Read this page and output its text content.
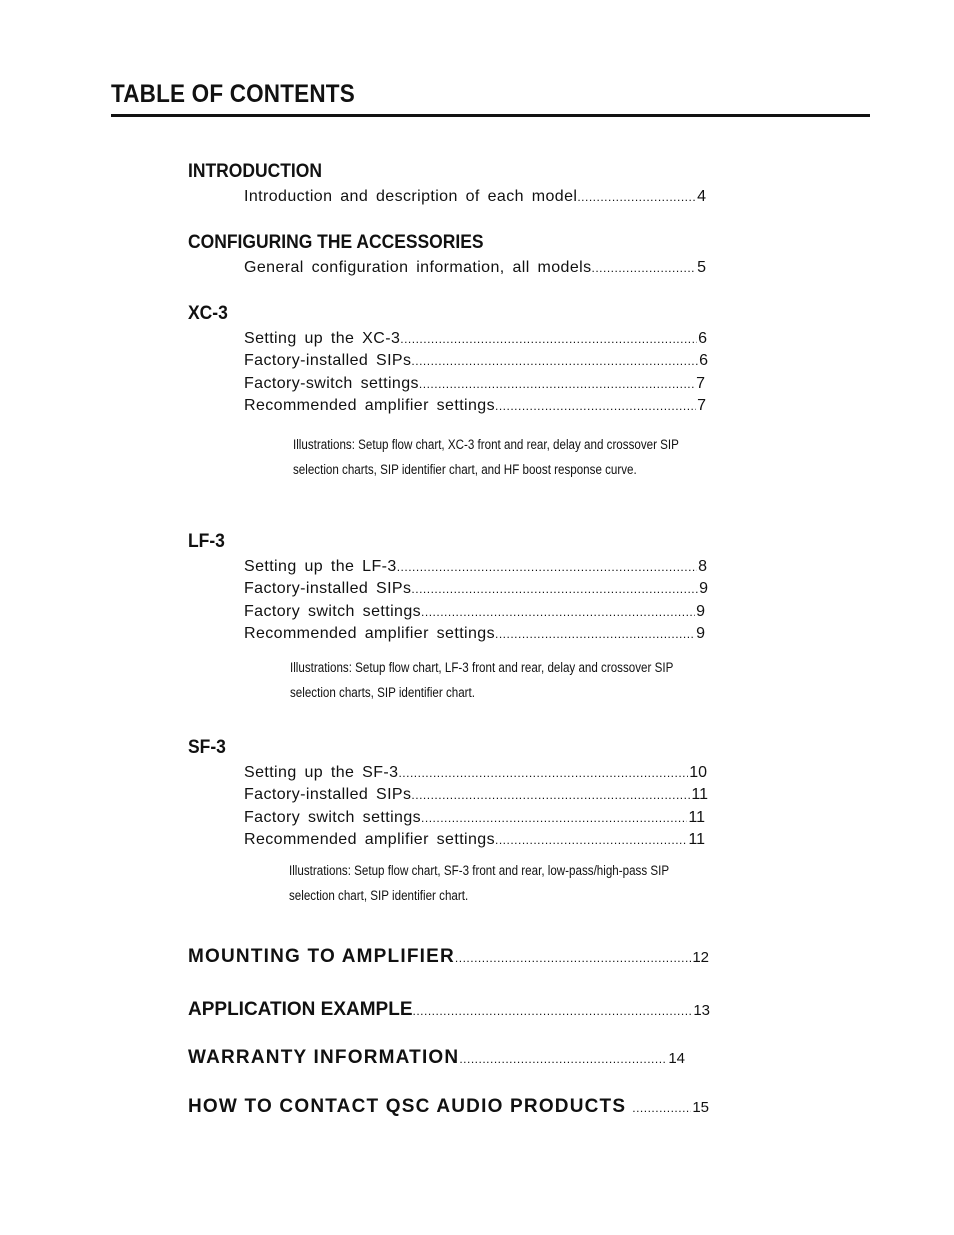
TABLE OF CONTENTS
INTRODUCTION
Introduction and description of each model .....	4
CONFIGURING THE ACCESSORIES
General configuration information, all models .....	5
XC-3
Setting up the XC-3 .....	6
Factory-installed SIPs .....	6
Factory-switch settings .....	7
Recommended amplifier settings .....	7
Illustrations: Setup flow chart, XC-3 front and rear, delay and crossover SIP selection charts, SIP identifier chart, and HF boost response curve.
LF-3
Setting up the LF-3 .....	8
Factory-installed SIPs .....	9
Factory switch settings .....	9
Recommended amplifier settings .....	9
Illustrations: Setup flow chart, LF-3 front and rear, delay and crossover SIP selection charts, SIP identifier chart.
SF-3
Setting up the SF-3 .....	10
Factory-installed SIPs .....	11
Factory switch settings .....	11
Recommended amplifier settings .....	11
Illustrations: Setup flow chart, SF-3 front and rear, low-pass/high-pass SIP selection chart, SIP identifier chart.
MOUNTING TO AMPLIFIER .....	12
APPLICATION EXAMPLE .....	13
WARRANTY INFORMATION .....	14
HOW TO CONTACT QSC AUDIO PRODUCTS .....	15
